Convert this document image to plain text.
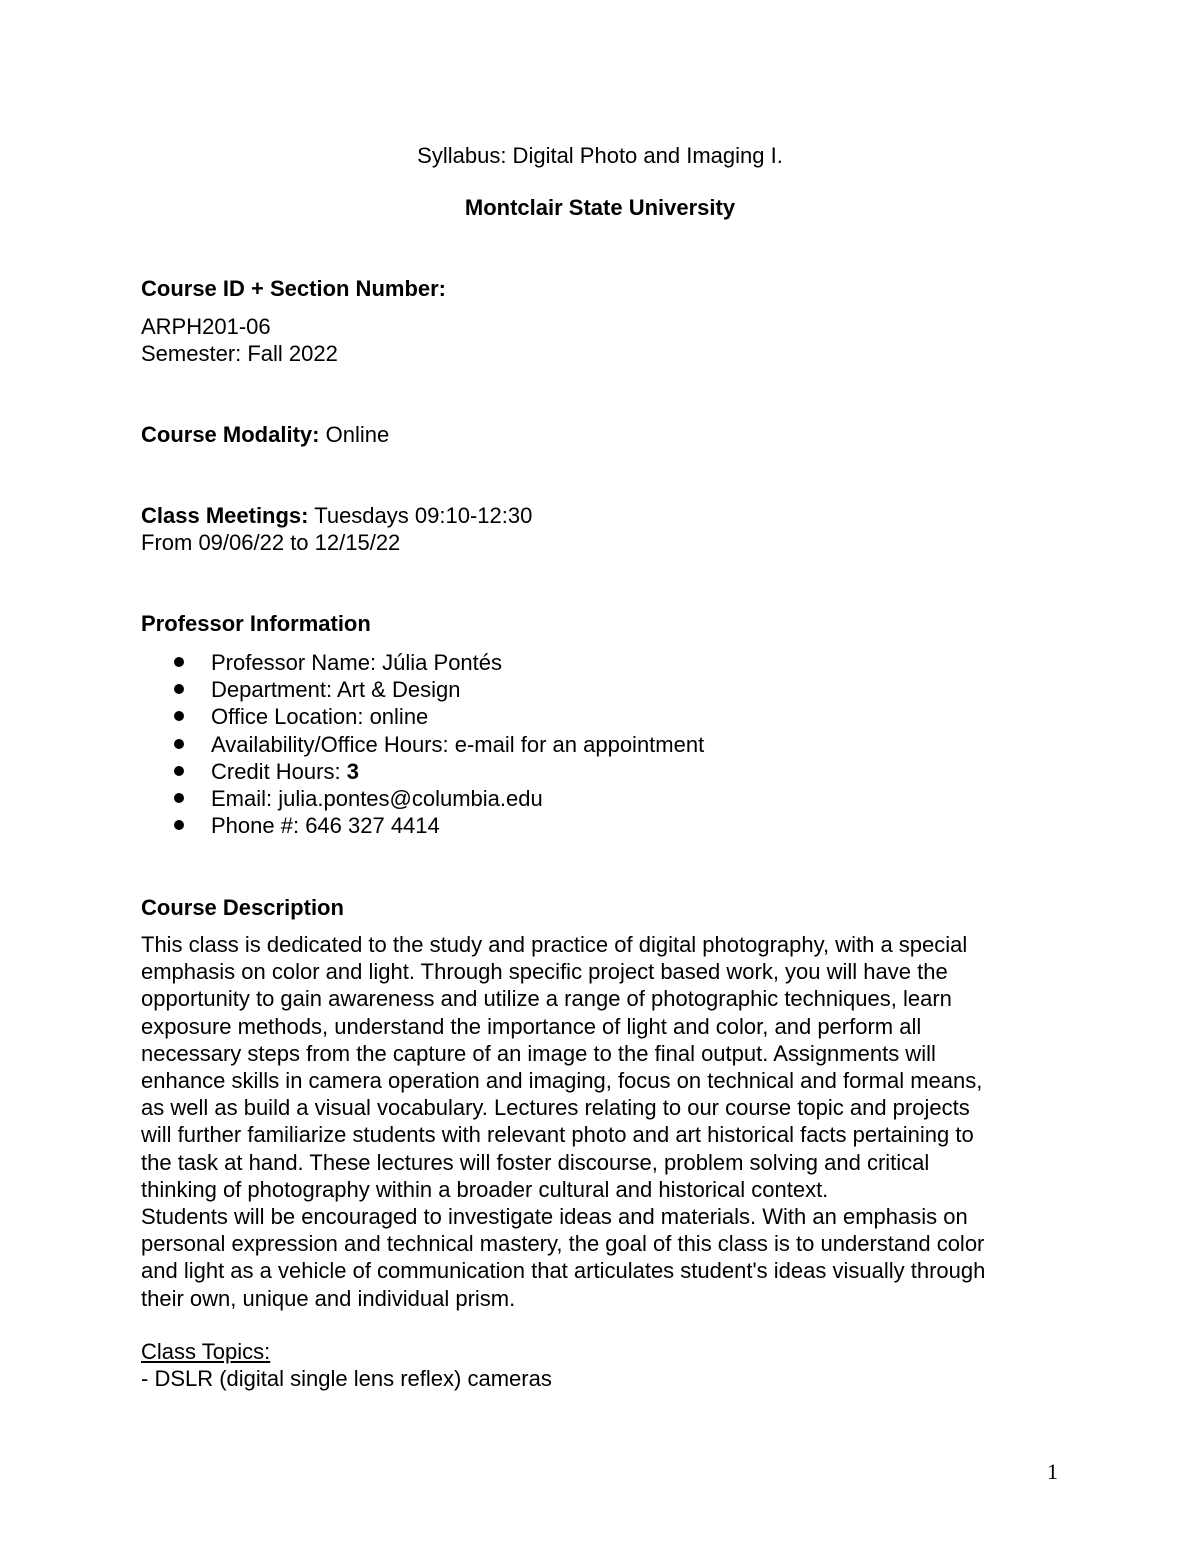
Syllabus: Digital Photo and Imaging I.
Montclair State University
Course ID + Section Number:
ARPH201-06
Semester: Fall 2022
Course Modality: Online
Class Meetings: Tuesdays 09:10-12:30
From 09/06/22 to 12/15/22
Professor Information
Professor Name: Júlia Pontés
Department: Art & Design
Office Location: online
Availability/Office Hours: e-mail for an appointment
Credit Hours: 3
Email: julia.pontes@columbia.edu
Phone #: 646 327 4414
Course Description
This class is dedicated to the study and practice of digital photography, with a special
emphasis on color and light. Through specific project based work, you will have the
opportunity to gain awareness and utilize a range of photographic techniques, learn
exposure methods, understand the importance of light and color, and perform all
necessary steps from the capture of an image to the final output. Assignments will
enhance skills in camera operation and imaging, focus on technical and formal means,
as well as build a visual vocabulary. Lectures relating to our course topic and projects
will further familiarize students with relevant photo and art historical facts pertaining to
the task at hand. These lectures will foster discourse, problem solving and critical
thinking of photography within a broader cultural and historical context.
Students will be encouraged to investigate ideas and materials. With an emphasis on
personal expression and technical mastery, the goal of this class is to understand color
and light as a vehicle of communication that articulates student's ideas visually through
their own, unique and individual prism.
Class Topics:
- DSLR (digital single lens reflex) cameras
1
